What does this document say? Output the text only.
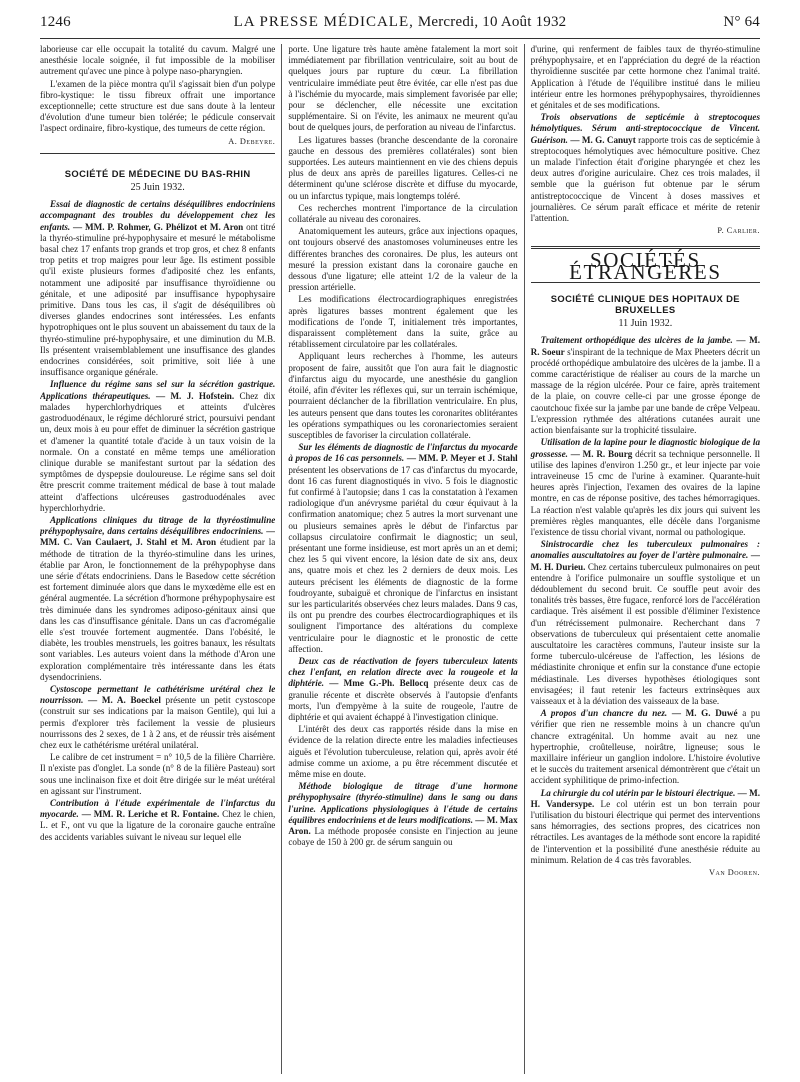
1246	LA PRESSE MÉDICALE, Mercredi, 10 Août 1932	N° 64

laborieuse car elle occupait la totalité du cavum. Malgré une anesthésie locale soignée, il fut impossible de la mobiliser autrement qu'avec une pince à polype naso-pharyngien.

L'examen de la pièce montra qu'il s'agissait bien d'un polype fibro-kystique: le tissu fibreux offrait une importance exceptionnelle; cette structure est due sans doute à la lenteur d'évolution d'une tumeur bien tolérée; le pédicule conservait l'aspect ordinaire, fibro-kystique, des tumeurs de cette région.

A. Debeyre.
SOCIÉTÉ DE MÉDECINE DU BAS-RHIN
25 Juin 1932.

Essai de diagnostic de certains déséquilibres endocriniens accompagnant des troubles du développement chez les enfants. — MM. P. Rohmer, G. Phélizot et M. Aron ont titré la thyréo-stimuline pré-hypophysaire et mesuré le métabolisme basal chez 17 enfants trop grands et trop gros, et chez 8 enfants trop petits et trop maigres pour leur âge. Ils estiment possible qu'il existe plusieurs formes d'adiposité chez les enfants, notamment une adiposité par insuffisance thyroïdienne ou génitale, et une adiposité par insuffisance hypophysaire primitive. Dans tous les cas, il s'agit de déséquilibres où diverses glandes endocrines sont intéressées. Les enfants hypotrophiques ont le plus souvent un abaissement du taux de la thyréo-stimuline pré-hypophysaire, et une diminution du M.B. Ils présentent vraisemblablement une insuffisance des glandes endocrines considérées, soit primitive, soit liée à une insuffisance organique générale.

Influence du régime sans sel sur la sécrétion gastrique. Applications thérapeutiques. — M. J. Hofstein. Chez dix malades hyperchlorhydriques et atteints d'ulcères gastroduodénaux, le régime déchloruré strict, poursuivi pendant un, deux mois à eu pour effet de diminuer la sécrétion gastrique et d'amener la quantité totale d'acide à un taux voisin de la normale. On a constaté en même temps une amélioration clinique durable se manifestant surtout par la sédation des symptômes de dyspepsie douloureuse. Le régime sans sel doit être prescrit comme traitement médical de base à tout malade atteint d'affections ulcéreuses gastroduodénales avec hyperchlorhydrie.

Applications cliniques du titrage de la thyréostimuline préhypophysaire, dans certains déséquilibres endocriniens. — MM. C. Van Caulaert, J. Stahl et M. Aron étudient par la méthode de titration de la thyréo-stimuline dans les urines, établie par Aron, le fonctionnement de la préhypophyse dans une série d'états endocriniens. Dans le Basedow cette sécrétion est fortement diminuée alors que dans le myxœdème elle est en général augmentée. La sécrétion d'hormone préhypophysaire est très diminuée dans les syndromes adiposo-génitaux ainsi que dans les cas d'insuffisance génitale. Dans un cas d'acromégalie elle s'est trouvée fortement augmentée. Dans l'obésité, le diabète, les troubles menstruels, les goitres banaux, les résultats sont variables. Les auteurs voient dans la méthode d'Aron une exploration complémentaire très intéressante dans les états dysendocriniens.

Cystoscope permettant le cathétérisme urétéral chez le nourrisson. — M. A. Boeckel présente un petit cystoscope (construit sur ses indications par la maison Gentile), qui lui a permis d'explorer très facilement la vessie de plusieurs nourrissons des 2 sexes, de 1 à 2 ans, et de réussir très aisément chez eux le cathétérisme urétéral unilatéral.

Le calibre de cet instrument = n° 10,5 de la filière Charrière. Il n'existe pas d'onglet. La sonde (n° 8 de la filière Pasteau) sort sous une inclinaison fixe et doit être dirigée sur le méat urétéral en agissant sur l'instrument.

Contribution à l'étude expérimentale de l'infarctus du myocarde. — MM. R. Leriche et R. Fontaine. Chez le chien, L. et F., ont vu que la ligature de la coronaire gauche entraîne des accidents variables suivant le niveau sur lequel elle

porte. Une ligature très haute amène fatalement la mort soit immédiatement par fibrillation ventriculaire, soit au bout de quelques jours par rupture du cœur. La fibrillation ventriculaire immédiate peut être évitée, car elle n'est pas due à l'ischémie du myocarde, mais simplement favorisée par elle; pour se déclencher, elle nécessite une excitation supplémentaire. Si on l'évite, les animaux ne meurent qu'au bout de quelques jours, de perforation au niveau de l'infarctus.

Les ligatures basses (branche descendante de la coronaire gauche en dessous des premières collatérales) sont bien supportées. Les auteurs maintiennent en vie des chiens depuis plus de deux ans après de pareilles ligatures. Celles-ci ne déterminent qu'une sclérose discrète et diffuse du myocarde, ou un infarctus typique, mais longtemps toléré.

Ces recherches montrent l'importance de la circulation collatérale au niveau des coronaires.

Anatomiquement les auteurs, grâce aux injections opaques, ont toujours observé des anastomoses volumineuses entre les différentes branches des coronaires. De plus, les auteurs ont mesuré la pression existant dans la coronaire gauche en dessous d'une ligature; elle atteint 1/2 de la valeur de la pression artérielle.

Les modifications électrocardiographiques enregistrées après ligatures basses montrent également que les modifications de l'onde T, initialement très importantes, disparaissent complètement dans la suite, grâce au rétablissement circulatoire par les collatérales.

Appliquant leurs recherches à l'homme, les auteurs proposent de faire, aussitôt que l'on aura fait le diagnostic d'infarctus aigu du myocarde, une anesthésie du ganglion étoilé, afin d'éviter les réflexes qui, sur un terrain ischémique, pourraient déclancher de la fibrillation ventriculaire. En plus, les auteurs pensent que dans toutes les coronarites oblitérantes les opérations sympathiques ou les coronariectomies seraient susceptibles de favoriser la circulation collatérale.

Sur les éléments de diagnostic de l'infarctus du myocarde à propos de 16 cas personnels. — MM. P. Meyer et J. Stahl présentent les observations de 17 cas d'infarctus du myocarde, dont 16 cas furent diagnostiqués in vivo. 5 fois le diagnostic fut confirmé à l'autopsie; dans 1 cas la constatation à l'examen radiologique d'un anévrysme pariétal du cœur équivaut à la confirmation anatomique; chez 5 autres la mort survenant une ou plusieurs semaines après le début de l'infarctus par collapsus circulatoire confirmait le diagnostic; un seul, présentant une forme insidieuse, est mort après un an et demi; chez les 5 qui vivent encore, la lésion date de six ans, deux ans, quatre mois et chez les 2 derniers de deux mois. Les auteurs précisent les éléments de diagnostic de la forme foudroyante, subaiguë et chronique de l'infarctus en insistant sur les particularités observées chez leurs malades. Dans 9 cas, ils ont pu prendre des courbes électrocardiographiques et ils soulignent l'importance des altérations du complexe ventriculaire pour le diagnostic et le pronostic de cette affection.

Deux cas de réactivation de foyers tuberculeux latents chez l'enfant, en relation directe avec la rougeole et la diphtérie. — Mme G.-Ph. Bellocq présente deux cas de granulie récente et discrète observés à l'autopsie d'enfants morts, l'un d'empyème à la suite de rougeole, l'autre de diphtérie et qui avaient échappé à l'investigation clinique.

L'intérêt des deux cas rapportés réside dans la mise en évidence de la relation directe entre les maladies infectieuses aiguës et l'évolution tuberculeuse, relation qui, après avoir été admise comme un axiome, a pu être récemment discutée et même mise en doute.

Méthode biologique de titrage d'une hormone préhypophysaire (thyréo-stimuline) dans le sang ou dans l'urine. Applications physiologiques à l'étude de certains équilibres endocriniens et de leurs modifications. — M. Max Aron. La méthode proposée consiste en l'injection au jeune cobaye de 150 à 200 gr. de sérum sanguin ou

d'urine, qui renferment de faibles taux de thyréo-stimuline préhypophysaire, et en l'appréciation du degré de la réaction thyroïdienne suscitée par cette hormone chez l'animal traité. Application à l'étude de l'équilibre institué dans le milieu intérieur entre les hormones préhypophysaires, thyroïdiennes et génitales et de ses modifications.

Trois observations de septicémie à streptocoques hémolytiques. Sérum anti-streptococcique de Vincent. Guérison. — M. G. Canuyt rapporte trois cas de septicémie à streptocoques hémolytiques avec hémoculture positive. Chez un malade l'infection était d'origine pharyngée et chez les deux autres d'origine auriculaire. Chez ces trois malades, il semble que la guérison fut obtenue par le sérum antistreptococcique de Vincent à doses massives et journalières. Ce sérum paraît efficace et mérite de retenir l'attention.

P. Carlier.
SOCIÉTÉS ÉTRANGÈRES
SOCIÉTÉ CLINIQUE DES HOPITAUX DE BRUXELLES
11 Juin 1932.

Traitement orthopédique des ulcères de la jambe. — M. R. Soeur s'inspirant de la technique de Max Pheeters décrit un procédé orthopédique ambulatoire des ulcères de la jambe. Il a comme caractéristique de réaliser au cours de la marche un massage de la région ulcérée. Pour ce faire, après traitement de la plaie, on couvre celle-ci par une grosse éponge de caoutchouc fixée sur la jambe par une bande de crêpe Velpeau. L'expression rythmée des altérations cutanées aurait une action bienfaisante sur la trophicité tissulaire.

Utilisation de la lapine pour le diagnostic biologique de la grossesse. — M. R. Bourg décrit sa technique personnelle. Il utilise des lapines d'environ 1.250 gr., et leur injecte par voie intraveineuse 15 cmc de l'urine à examiner. Quarante-huit heures après l'injection, l'examen des ovaires de la lapine montre, en cas de réponse positive, des taches hémorragiques. La réaction n'est valable qu'après les dix jours qui suivent les premières règles manquantes, elle décèle dans l'organisme l'existence de tissu chorial vivant, normal ou pathologique.

Sinistrocardie chez les tuberculeux pulmonaires : anomalies auscultatoires au foyer de l'artère pulmonaire. — M. H. Durieu. Chez certains tuberculeux pulmonaires on peut entendre à l'orifice pulmonaire un souffle systolique et un dédoublement du second bruit. Ce souffle peut avoir des tonalités très basses, être fugace, renforcé lors de l'accélération cardiaque. Très aisément il est possible d'éliminer l'existence d'un rétrécissement pulmonaire. Recherchant dans 7 observations de tuberculeux qui présentaient cette anomalie auscultatoire les caractères communs, l'auteur insiste sur la forme tuberculo-ulcéreuse de l'affection, les lésions de médiastinite chronique et enfin sur la constance d'une ectopie médiastinale. Les diverses hypothèses étiologiques sont envisagées; il faut retenir les facteurs extrinsèques aux vaisseaux et à la déviation des vaisseaux de la base.

A propos d'un chancre du nez. — M. G. Duwé a pu vérifier que rien ne ressemble moins à un chancre qu'un chancre extragénital. Un homme avait au nez une hypertrophie, croûtelleuse, noirâtre, ligneuse; sous le maxillaire inférieur un ganglion indolore. L'histoire évolutive et le succès du traitement arsenical démontrèrent que c'était un accident syphilitique de primo-infection.

La chirurgie du col utérin par le bistouri électrique. — M. H. Vandersype. Le col utérin est un bon terrain pour l'utilisation du bistouri électrique qui permet des interventions sans hémorragies, des sections propres, des cicatrices non rétractiles. Les avantages de la méthode sont encore la rapidité de l'intervention et la possibilité d'une anesthésie réduite au minimum. Relation de 4 cas très favorables.

Van Dooren.
